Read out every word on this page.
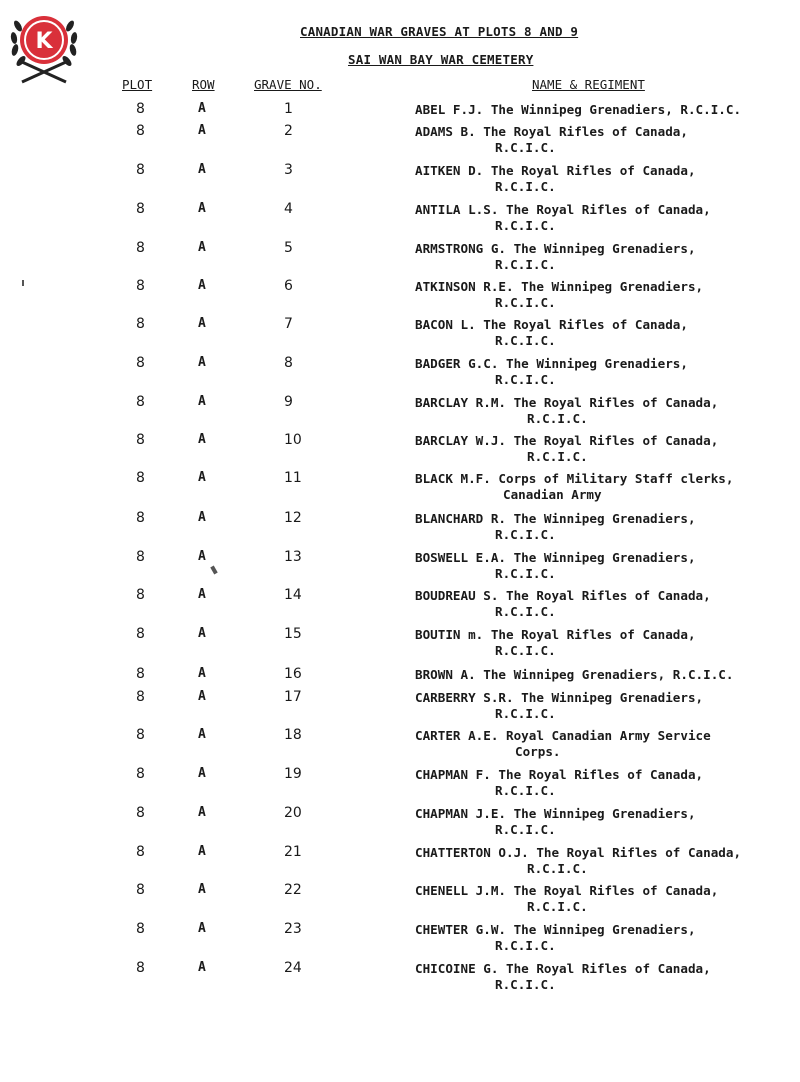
K	CANADIAN WAR GRAVES AT PLOTS 8 AND 9
SAI WAN BAY WAR CEMETERY
PLOT	ROW	GRAVE NO.	NAME & REGIMENT
8	A	1	ABEL F.J. The Winnipeg Grenadiers, R.C.I.C.
8	A	2	ADAMS B. The Royal Rifles of Canada,
R.C.I.C.
8	A	3	AITKEN D. The Royal Rifles of Canada,
R.C.I.C.
8	A	4	ANTILA L.S. The Royal Rifles of Canada,
R.C.I.C.
8	A	5	ARMSTRONG G. The Winnipeg Grenadiers,
R.C.I.C.
8	A	6	ATKINSON R.E. The Winnipeg Grenadiers,
R.C.I.C.
8	A	7	BACON L. The Royal Rifles of Canada,
R.C.I.C.
8	A	8	BADGER G.C. The Winnipeg Grenadiers,
R.C.I.C.
8	A	9	BARCLAY R.M. The Royal Rifles of Canada,
R.C.I.C.
8	A	10	BARCLAY W.J. The Royal Rifles of Canada,
R.C.I.C.
8	A	11	BLACK M.F. Corps of Military Staff clerks,
Canadian Army
8	A	12	BLANCHARD R. The Winnipeg Grenadiers,
R.C.I.C.
8	A	13	BOSWELL E.A. The Winnipeg Grenadiers,
R.C.I.C.
8	A	14	BOUDREAU S. The Royal Rifles of Canada,
R.C.I.C.
8	A	15	BOUTIN m. The Royal Rifles of Canada,
R.C.I.C.
8	A	16	BROWN A. The Winnipeg Grenadiers, R.C.I.C.
8	A	17	CARBERRY S.R. The Winnipeg Grenadiers,
R.C.I.C.
8	A	18	CARTER A.E. Royal Canadian Army Service
Corps.
8	A	19	CHAPMAN F. The Royal Rifles of Canada,
R.C.I.C.
8	A	20	CHAPMAN J.E. The Winnipeg Grenadiers,
R.C.I.C.
8	A	21	CHATTERTON O.J. The Royal Rifles of Canada,
R.C.I.C.
8	A	22	CHENELL J.M. The Royal Rifles of Canada,
R.C.I.C.
8	A	23	CHEWTER G.W. The Winnipeg Grenadiers,
R.C.I.C.
8	A	24	CHICOINE G. The Royal Rifles of Canada,
R.C.I.C.
